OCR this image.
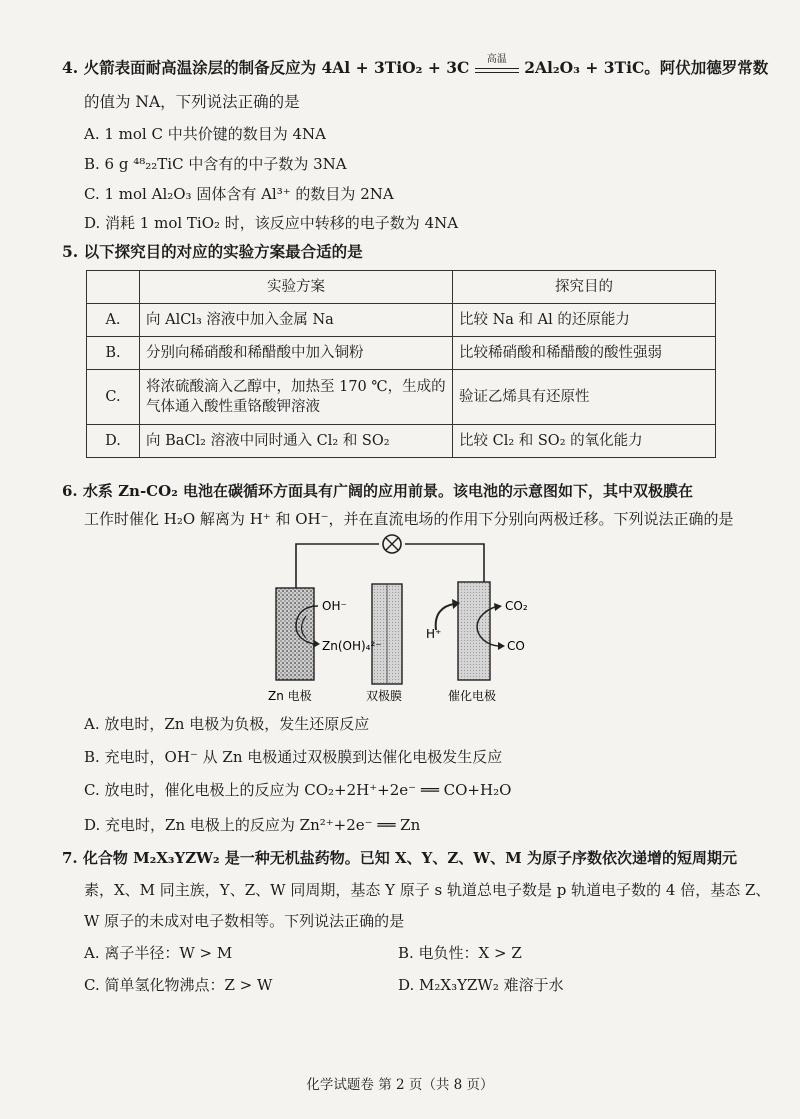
4. 火箭表面耐高温涂层的制备反应为 4Al + 3TiO₂ + 3C	高温	2Al₂O₃ + 3TiC。阿伏加德罗常数
的值为 NA，下列说法正确的是
A. 1 mol C 中共价键的数目为 4NA
B. 6 g ⁴⁸₂₂TiC 中含有的中子数为 3NA
C. 1 mol Al₂O₃ 固体含有 Al³⁺ 的数目为 2NA
D. 消耗 1 mol TiO₂ 时，该反应中转移的电子数为 4NA
5. 以下探究目的对应的实验方案最合适的是
	实验方案	探究目的
A.	向 AlCl₃ 溶液中加入金属 Na	比较 Na 和 Al 的还原能力
B.	分别向稀硝酸和稀醋酸中加入铜粉	比较稀硝酸和稀醋酸的酸性强弱
C.	将浓硫酸滴入乙醇中，加热至 170 ℃，生成的
气体通入酸性重铬酸钾溶液	验证乙烯具有还原性
D.	向 BaCl₂ 溶液中同时通入 Cl₂ 和 SO₂	比较 Cl₂ 和 SO₂ 的氧化能力
6. 水系 Zn-CO₂ 电池在碳循环方面具有广阔的应用前景。该电池的示意图如下，其中双极膜在
工作时催化 H₂O 解离为 H⁺ 和 OH⁻，并在直流电场的作用下分别向两极迁移。下列说法正确的是
OH⁻
Zn(OH)₄²⁻
H⁺
CO₂
CO
Zn 电极	双极膜	催化电极
A. 放电时，Zn 电极为负极，发生还原反应
B. 充电时，OH⁻ 从 Zn 电极通过双极膜到达催化电极发生反应
C. 放电时，催化电极上的反应为 CO₂+2H⁺+2e⁻ ══ CO+H₂O
D. 充电时，Zn 电极上的反应为 Zn²⁺+2e⁻ ══ Zn
7. 化合物 M₂X₃YZW₂ 是一种无机盐药物。已知 X、Y、Z、W、M 为原子序数依次递增的短周期元
素，X、M 同主族，Y、Z、W 同周期，基态 Y 原子 s 轨道总电子数是 p 轨道电子数的 4 倍，基态 Z、
W 原子的未成对电子数相等。下列说法正确的是
A. 离子半径：W > M	B. 电负性：X > Z
C. 简单氢化物沸点：Z > W	D. M₂X₃YZW₂ 难溶于水
化学试题卷 第 2 页（共 8 页）
